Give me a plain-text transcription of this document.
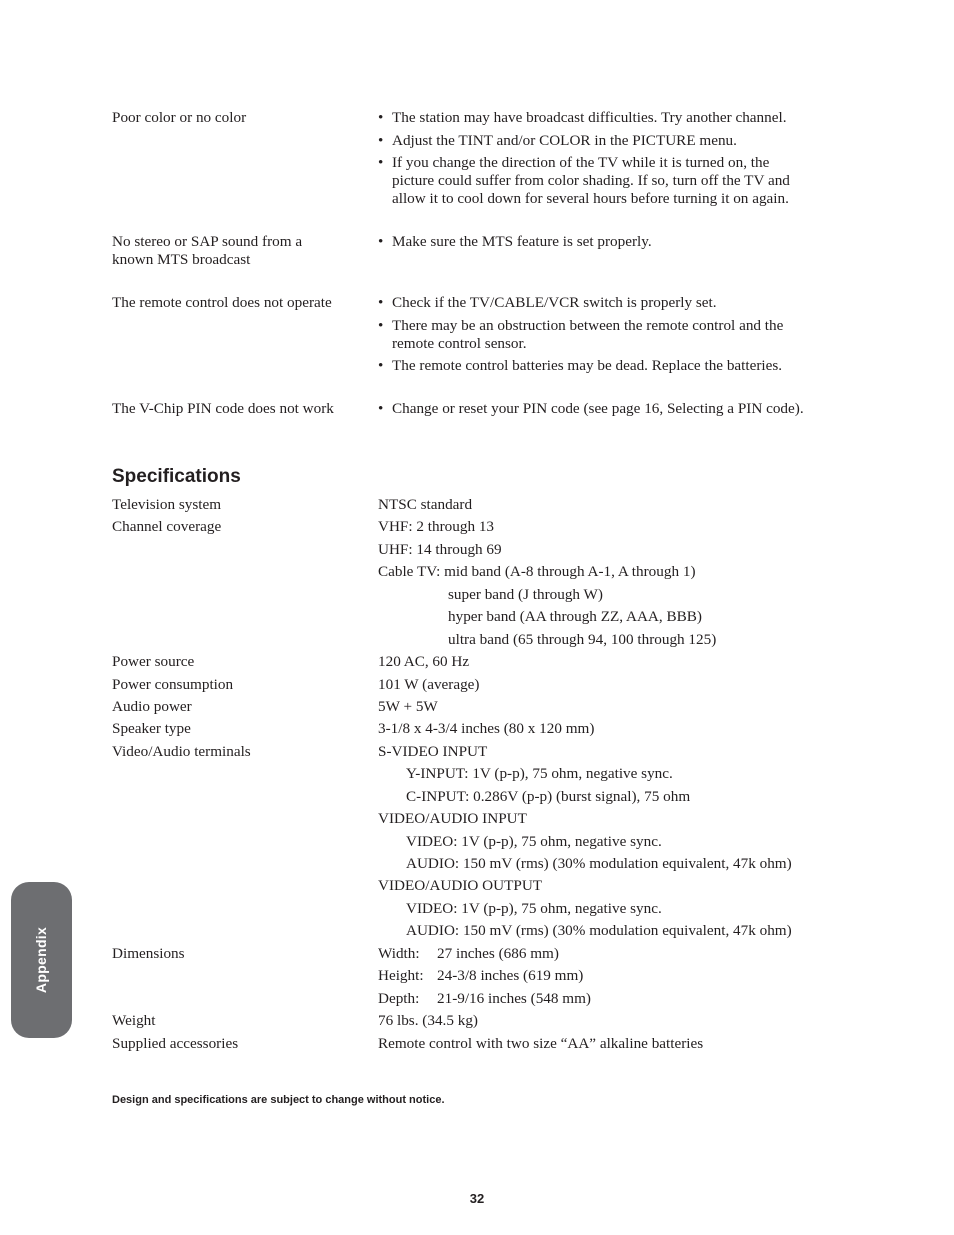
Poor color or no color	• The station may have broadcast difficulties. Try another channel.
• Adjust the TINT and/or COLOR in the PICTURE menu.
• If you change the direction of the TV while it is turned on, the
picture could suffer from color shading. If so, turn off the TV and
allow it to cool down for several hours before turning it on again.
No stereo or SAP sound from a
known MTS broadcast
• Make sure the MTS feature is set properly.
The remote control does not operate	• Check if the TV/CABLE/VCR switch is properly set.
• There may be an obstruction between the remote control and the
remote control sensor.
• The remote control batteries may be dead. Replace the batteries.
The V-Chip PIN code does not work	• Change or reset your PIN code (see page 16, Selecting a PIN code).
Specifications
Television system	NTSC standard
Channel coverage	VHF: 2 through 13
UHF: 14 through 69
Cable TV: mid band (A-8 through A-1, A through 1)
super band (J through W)
hyper band (AA through ZZ, AAA, BBB)
ultra band (65 through 94, 100 through 125)
Power source	120 AC, 60 Hz
Power consumption	101 W (average)
Audio power	5W + 5W
Speaker type	3-1/8 x 4-3/4 inches (80 x 120 mm)
Video/Audio terminals	S-VIDEO INPUT
Y-INPUT: 1V (p-p), 75 ohm, negative sync.
C-INPUT: 0.286V (p-p) (burst signal), 75 ohm
VIDEO/AUDIO INPUT
VIDEO: 1V (p-p), 75 ohm, negative sync.
AUDIO: 150 mV (rms) (30% modulation equivalent, 47k ohm)
VIDEO/AUDIO OUTPUT
VIDEO: 1V (p-p), 75 ohm, negative sync.
AUDIO: 150 mV (rms) (30% modulation equivalent, 47k ohm)
Dimensions	Width: 27 inches (686 mm)
Height: 24-3/8 inches (619 mm)
Depth: 21-9/16 inches (548 mm)
Weight	76 lbs. (34.5 kg)
Supplied accessories	Remote control with two size “AA” alkaline batteries

Design and specifications are subject to change without notice.

32
Appendix
